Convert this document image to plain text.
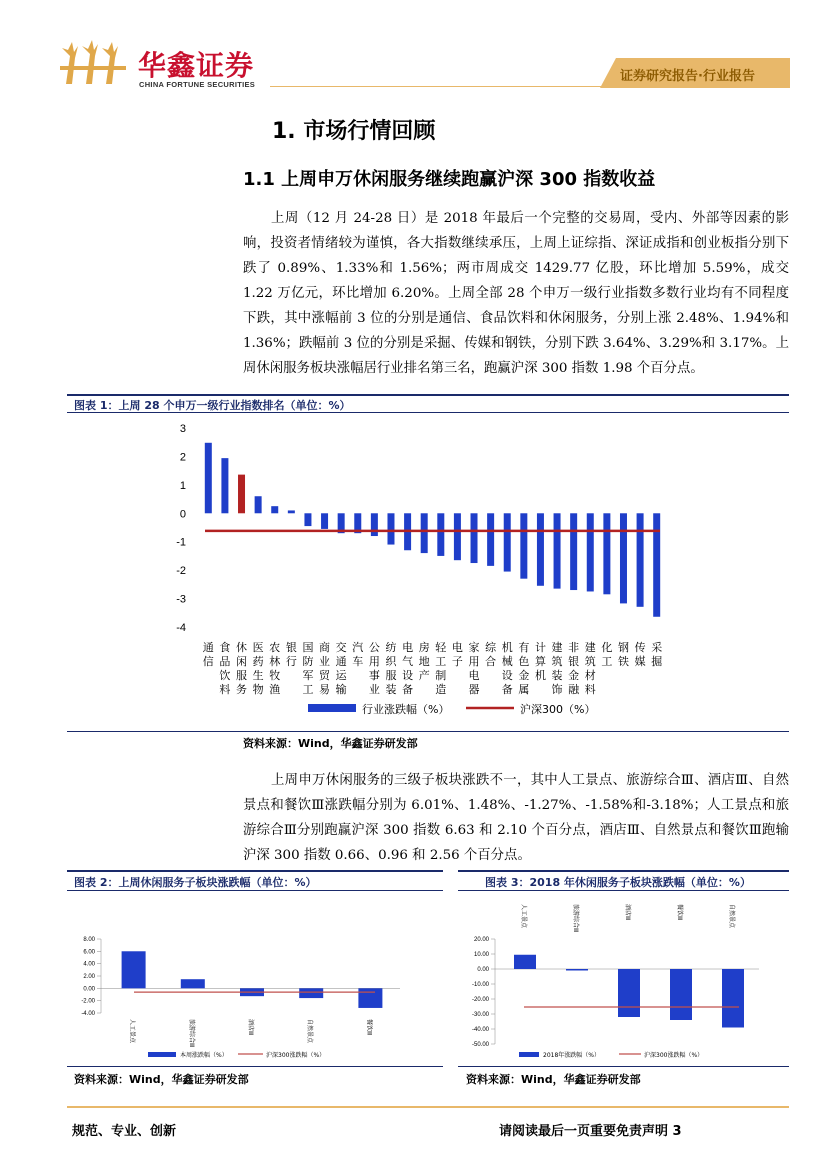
华鑫证券
CHINA FORTUNE SECURITIES
证券研究报告·行业报告
1. 市场行情回顾
1.1 上周申万休闲服务继续跑赢沪深 300 指数收益
上周（12 月 24-28 日）是 2018 年最后一个完整的交易周，受内、外部等因素的影响，投资者情绪较为谨慎，各大指数继续承压，上周上证综指、深证成指和创业板指分别下跌了 0.89%、1.33%和 1.56%；两市周成交 1429.77 亿股，环比增加 5.59%，成交 1.22 万亿元，环比增加 6.20%。上周全部 28 个申万一级行业指数多数行业均有不同程度下跌，其中涨幅前 3 位的分别是通信、食品饮料和休闲服务，分别上涨 2.48%、1.94%和 1.36%；跌幅前 3 位的分别是采掘、传媒和钢铁，分别下跌 3.64%、3.29%和 3.17%。上周休闲服务板块涨幅居行业排名第三名，跑赢沪深 300 指数 1.98 个百分点。
图表 1：上周 28 个申万一级行业指数排名（单位：%）
3
2
1
0
-1
-2
-3
-4
通
信
食
品
饮
料
休
闲
服
务
医
药
生
物
农
林
牧
渔
银
行
国
防
军
工
商
业
贸
易
交
通
运
输
汽
车
公
用
事
业
纺
织
服
装
电
气
设
备
房
地
产
轻
工
制
造
电
子
家
用
电
器
综
合
机
械
设
备
有
色
金
属
计
算
机
建
筑
装
饰
非
银
金
融
建
筑
材
料
化
工
钢
铁
传
媒
采
掘
行业涨跌幅（%）	沪深300（%）
资料来源：Wind，华鑫证券研发部
上周申万休闲服务的三级子板块涨跌不一，其中人工景点、旅游综合Ⅲ、酒店Ⅲ、自然景点和餐饮Ⅲ涨跌幅分别为 6.01%、1.48%、-1.27%、-1.58%和-3.18%；人工景点和旅游综合Ⅲ分别跑赢沪深 300 指数 6.63 和 2.10 个百分点，酒店Ⅲ、自然景点和餐饮Ⅲ跑输沪深 300 指数 0.66、0.96 和 2.56 个百分点。
图表 2：上周休闲服务子板块涨跌幅（单位：%）
8.00
6.00
4.00
2.00
0.00
-2.00
-4.00
人工景点	旅游综合Ⅲ	酒店Ⅲ	自然景点	餐饮Ⅲ
本周涨跌幅（%）	沪深300涨跌幅（%）
资料来源：Wind，华鑫证券研发部
图表 3：2018 年休闲服务子板块涨跌幅（单位：%）
20.00
10.00
0.00
-10.00
-20.00
-30.00
-40.00
-50.00
人工景点	旅游综合Ⅲ	酒店Ⅲ	餐饮Ⅲ	自然景点
2018年涨跌幅（%）	沪深300涨跌幅（%）
资料来源：Wind，华鑫证券研发部
规范、专业、创新	请阅读最后一页重要免责声明 3
